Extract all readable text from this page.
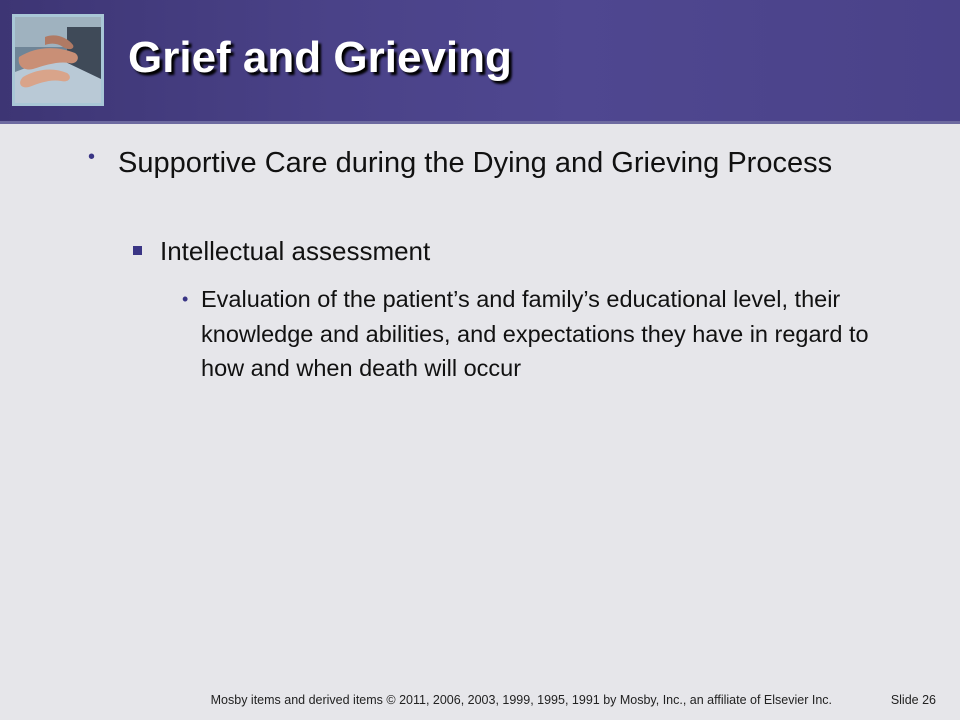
Grief and Grieving
• Supportive Care during the Dying and Grieving Process
Intellectual assessment
• Evaluation of the patient’s and family’s educational level, their knowledge and abilities, and expectations they have in regard to how and when death will occur
Mosby items and derived items © 2011, 2006, 2003, 1999, 1995, 1991 by Mosby, Inc., an affiliate of Elsevier Inc.	Slide 26
